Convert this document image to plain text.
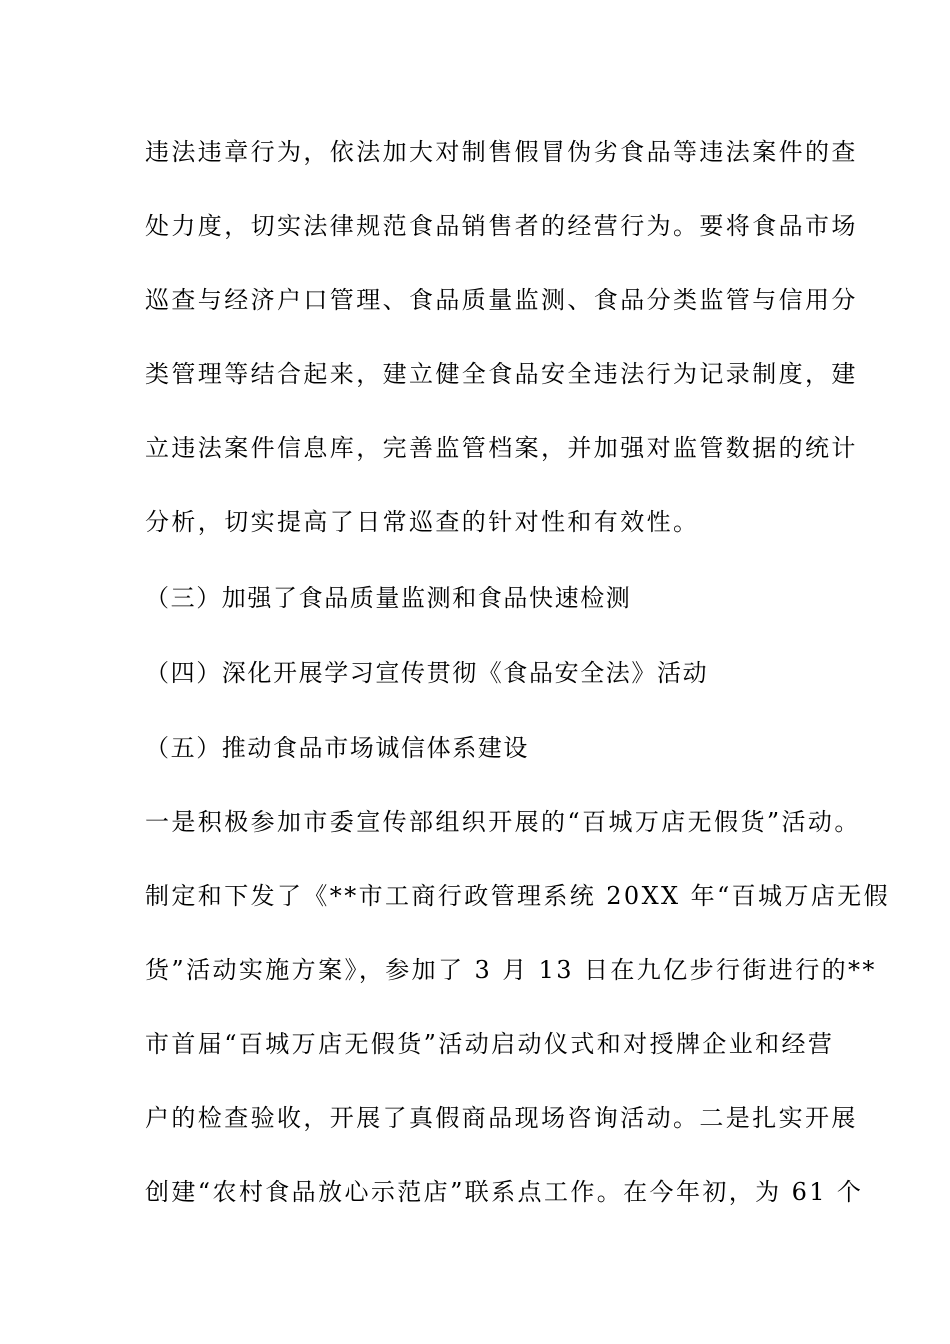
违法违章行为，依法加大对制售假冒伪劣食品等违法案件的查
处力度，切实法律规范食品销售者的经营行为。要将食品市场
巡查与经济户口管理、食品质量监测、食品分类监管与信用分
类管理等结合起来，建立健全食品安全违法行为记录制度，建
立违法案件信息库，完善监管档案，并加强对监管数据的统计
分析，切实提高了日常巡查的针对性和有效性。
（三）加强了食品质量监测和食品快速检测
（四）深化开展学习宣传贯彻《食品安全法》活动
（五）推动食品市场诚信体系建设
一是积极参加市委宣传部组织开展的“百城万店无假货”活动。
制定和下发了《**市工商行政管理系统 20XX 年“百城万店无假
货”活动实施方案》，参加了 3 月 13 日在九亿步行街进行的**
市首届“百城万店无假货”活动启动仪式和对授牌企业和经营
户的检查验收，开展了真假商品现场咨询活动。二是扎实开展
创建“农村食品放心示范店”联系点工作。在今年初，为 61 个
